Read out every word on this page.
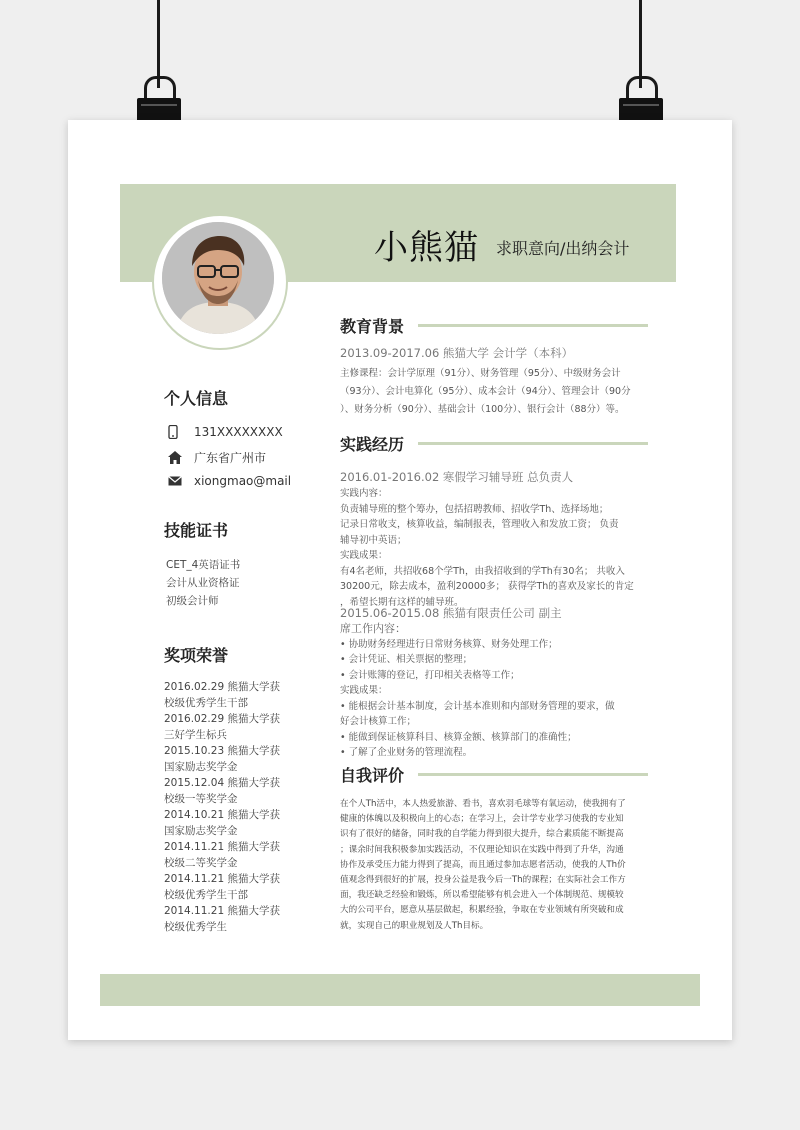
小熊猫 求职意向/出纳会计
个人信息
131XXXXXXXX
广东省广州市
xiongmao@mail
技能证书
CET_4英语证书
会计从业资格证
初级会计师
奖项荣誉
2016.02.29 熊猫大学获
校级优秀学生干部
2016.02.29 熊猫大学获
三好学生标兵
2015.10.23 熊猫大学获
国家励志奖学金
2015.12.04 熊猫大学获
校级一等奖学金
2014.10.21 熊猫大学获
国家励志奖学金
2014.11.21 熊猫大学获
校级二等奖学金
2014.11.21 熊猫大学获
校级优秀学生干部
2014.11.21 熊猫大学获
校级优秀学生
教育背景
2013.09-2017.06 熊猫大学 会计学（本科）
主修课程：会计学原理（91分）、财务管理（95分）、中级财务会计
（93分）、会计电算化（95分）、成本会计（94分）、管理会计（90分
）、财务分析（90分）、基础会计（100分）、银行会计（88分）等。
实践经历
2016.01-2016.02 寒假学习辅导班 总负责人
实践内容：
负责辅导班的整个筹办，包括招聘教师、招收学Th、选择场地；
记录日常收支，核算收益，编制报表，管理收入和发放工资； 负责
辅导初中英语；
实践成果：
有4名老师，共招收68个学Th，由我招收到的学Th有30名； 共收入
30200元，除去成本，盈利20000多； 获得学Th的喜欢及家长的肯定
，希望长期有这样的辅导班。
2015.06-2015.08 熊猫有限责任公司 副主
席工作内容：
• 协助财务经理进行日常财务核算、财务处理工作；
• 会计凭证、相关票据的整理；
• 会计账簿的登记，打印相关表格等工作；
实践成果：
• 能根据会计基本制度，会计基本准则和内部财务管理的要求，做
好会计核算工作；
• 能做到保证核算科目、核算金额、核算部门的准确性；
• 了解了企业财务的管理流程。
自我评价
在个人Th活中，本人热爱旅游、看书，喜欢羽毛球等有氧运动，使我拥有了
健康的体魄以及积极向上的心态；在学习上，会计学专业学习使我的专业知
识有了很好的储备，同时我的自学能力得到很大提升，综合素质能不断提高
；课余时间我积极参加实践活动，不仅理论知识在实践中得到了升华，沟通
协作及承受压力能力得到了提高，而且通过参加志愿者活动，使我的人Th价
值观念得到很好的扩展，投身公益是我今后一Th的课程；在实际社会工作方
面，我还缺乏经验和锻炼，所以希望能够有机会进入一个体制规范、规模较
大的公司平台，愿意从基层做起，积累经验，争取在专业领域有所突破和成
就，实现自己的职业规划及人Th目标。
